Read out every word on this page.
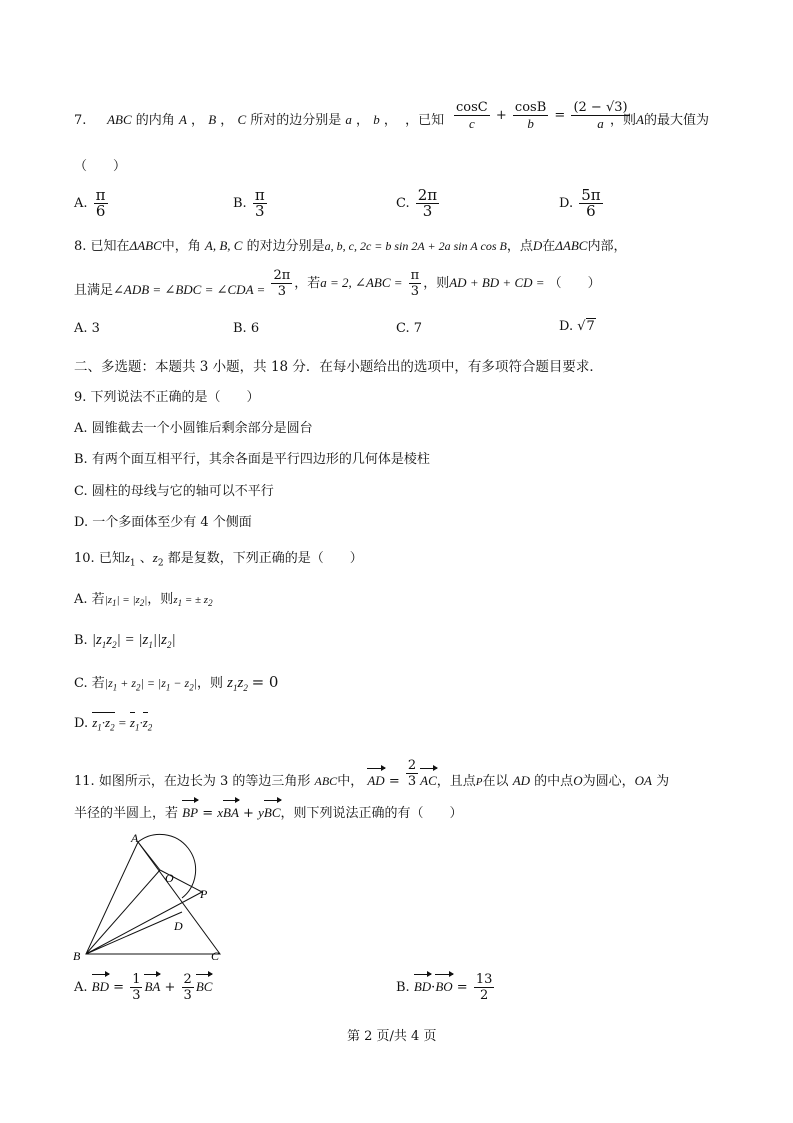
7. ABC 的内角 A ， B ， C 所对的边分别是 a ， b ， ，已知 $\frac{\cos C}{c} + \frac{\cos B}{b} = \frac{(2 - √3)}{a}$
，则A的最大值为
（　　）
A. $\frac{\pi}{6}$	B. $\frac{\pi}{3}$	C. $\frac{2\pi}{3}$	D. $\frac{5\pi}{6}$
8. 已知在ΔABC中，角 A, B, C 的对边分别是a, b, c, 2c = b sin 2A + 2a sin A cos B，点D在ΔABC内部，
且满足∠ADB = ∠BDC = ∠CDA = $\frac{2\pi}{3}$ ，若a = 2, ∠ABC = $\frac{\pi}{3}$ ，则AD + BD + CD = （　　）
A. 3	B. 6	C. 7	D. √7
二、多选题：本题共 3 小题，共 18 分．在每小题给出的选项中，有多项符合题目要求．
9. 下列说法不正确的是（　　）
A. 圆锥截去一个小圆锥后剩余部分是圆台
B. 有两个面互相平行，其余各面是平行四边形的几何体是棱柱
C. 圆柱的母线与它的轴可以不平行
D. 一个多面体至少有 4 个侧面
10. 已知$z_1$ 、$z_2$ 都是复数，下列正确的是（　　）
A. 若$|z_1| = |z_2|$，则$z_1$ = ± $z_2$
B. $|z_1z_2| = |z_1||z_2|$
C. 若$|z_1 + z_2| = |z_1 - z_2|$，则 $z_1z_2 = 0$
D. $z_1\cdot z_2 = z_1\cdot z_2$
11. 如图所示，在边长为 3 的等边三角形 ABC中， AD = $\frac{2}{3}$ AC，且点$_P$在以 AD 的中点O为圆心，OA 为
半径的半圆上，若 BP = xBA + yBC，则下列说法正确的有（　　）
A
O
P
D
B	C
A. BD = $\frac{1}{3}$ BA + $\frac{2}{3}$ BC	B. $BD\cdot BO = \frac{13}{2}$
第 2 页/共 4 页
